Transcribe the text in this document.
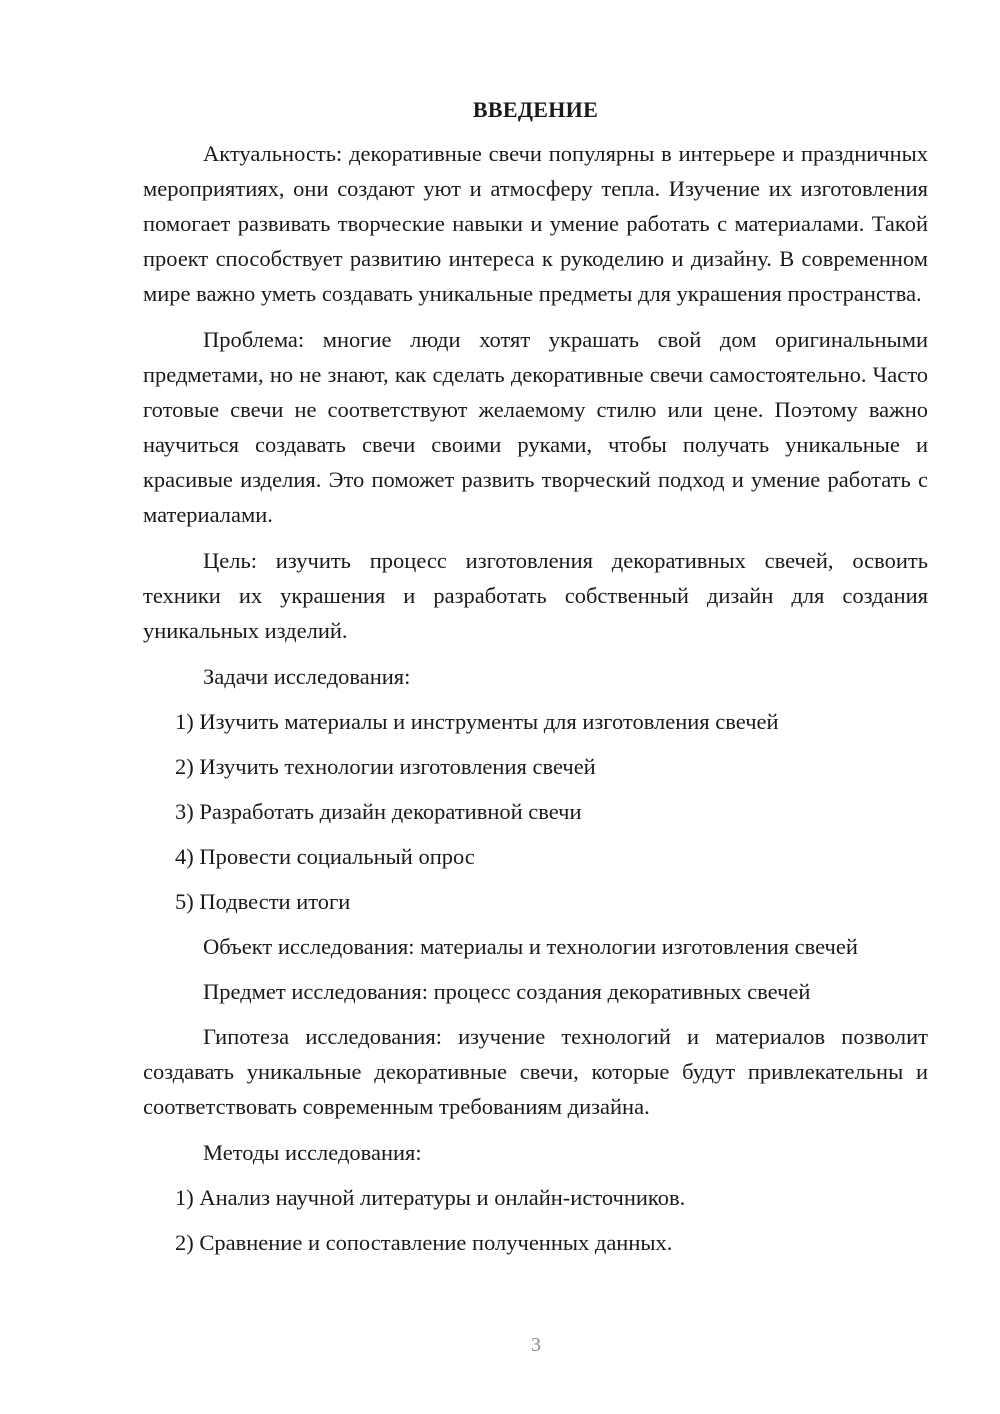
ВВЕДЕНИЕ

Актуальность: декоративные свечи популярны в интерьере и праздничных мероприятиях, они создают уют и атмосферу тепла. Изучение их изготовления помогает развивать творческие навыки и умение работать с материалами. Такой проект способствует развитию интереса к рукоделию и дизайну. В современном мире важно уметь создавать уникальные предметы для украшения пространства.

Проблема: многие люди хотят украшать свой дом оригинальными предметами, но не знают, как сделать декоративные свечи самостоятельно. Часто готовые свечи не соответствуют желаемому стилю или цене. Поэтому важно научиться создавать свечи своими руками, чтобы получать уникальные и красивые изделия. Это поможет развить творческий подход и умение работать с материалами.

Цель: изучить процесс изготовления декоративных свечей, освоить техники их украшения и разработать собственный дизайн для создания уникальных изделий.

Задачи исследования:
1) Изучить материалы и инструменты для изготовления свечей
2) Изучить технологии изготовления свечей
3) Разработать дизайн декоративной свечи
4) Провести социальный опрос
5) Подвести итоги
Объект исследования: материалы и технологии изготовления свечей
Предмет исследования: процесс создания декоративных свечей

Гипотеза исследования: изучение технологий и материалов позволит создавать уникальные декоративные свечи, которые будут привлекательны и соответствовать современным требованиям дизайна.

Методы исследования:
1) Анализ научной литературы и онлайн-источников.
2) Сравнение и сопоставление полученных данных.
3
